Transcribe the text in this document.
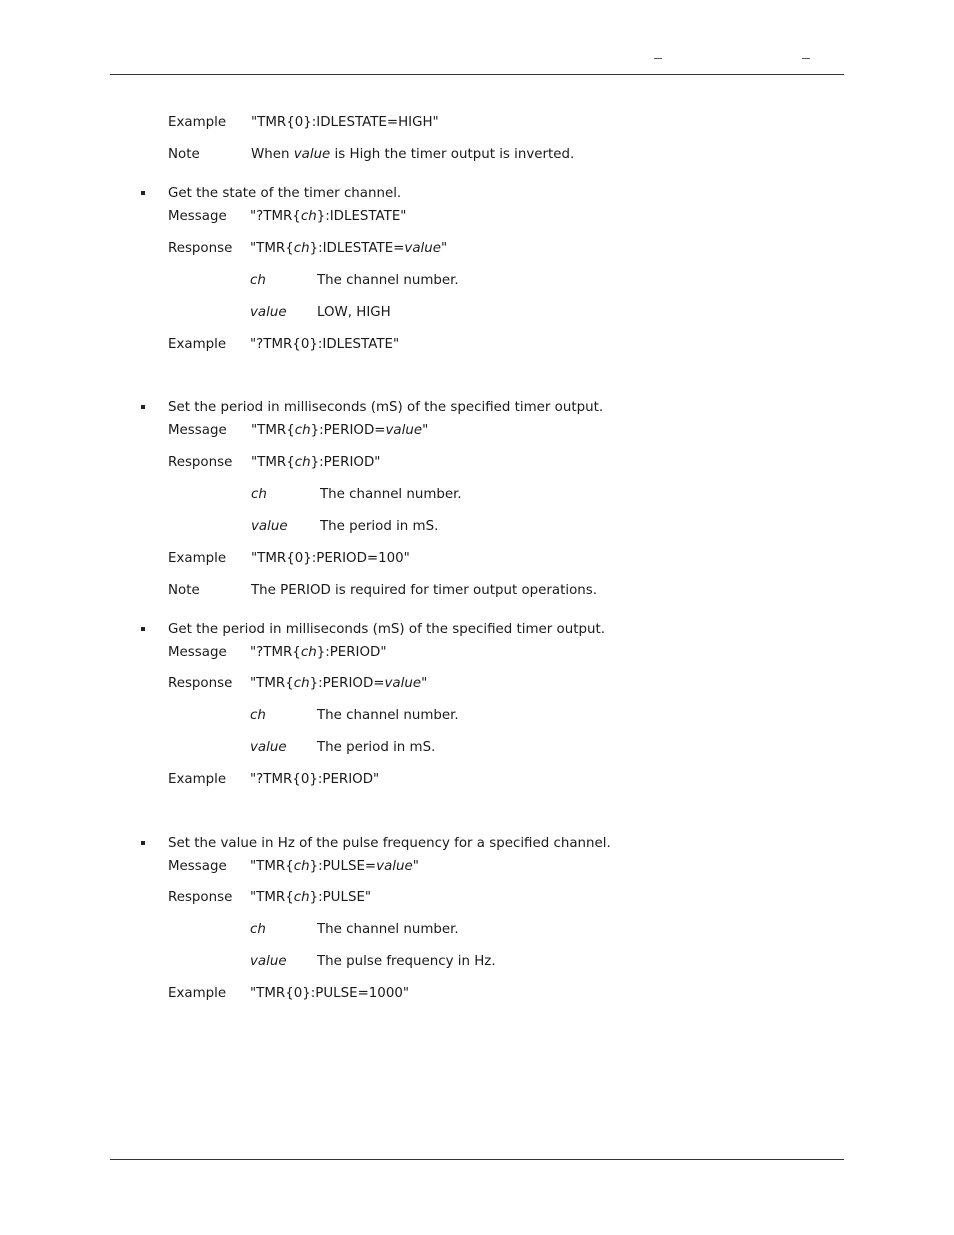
Example "TMR{0}:IDLESTATE=HIGH"
Note	When value is High the timer output is inverted.
Get the state of the timer channel.
Message "?TMR{ch}:IDLESTATE"
Response "TMR{ch}:IDLESTATE=value"
ch	The channel number.
value LOW, HIGH
Example "?TMR{0}:IDLESTATE"
Set the period in milliseconds (mS) of the specified timer output.
Message "TMR{ch}:PERIOD=value"
Response "TMR{ch}:PERIOD"
ch	The channel number.
value The period in mS.
Example "TMR{0}:PERIOD=100"
Note	The PERIOD is required for timer output operations.
Get the period in milliseconds (mS) of the specified timer output.
Message "?TMR{ch}:PERIOD"
Response "TMR{ch}:PERIOD=value"
ch	The channel number.
value The period in mS.
Example "?TMR{0}:PERIOD"
Set the value in Hz of the pulse frequency for a specified channel.
Message "TMR{ch}:PULSE=value"
Response "TMR{ch}:PULSE"
ch	The channel number.
value The pulse frequency in Hz.
Example "TMR{0}:PULSE=1000"
